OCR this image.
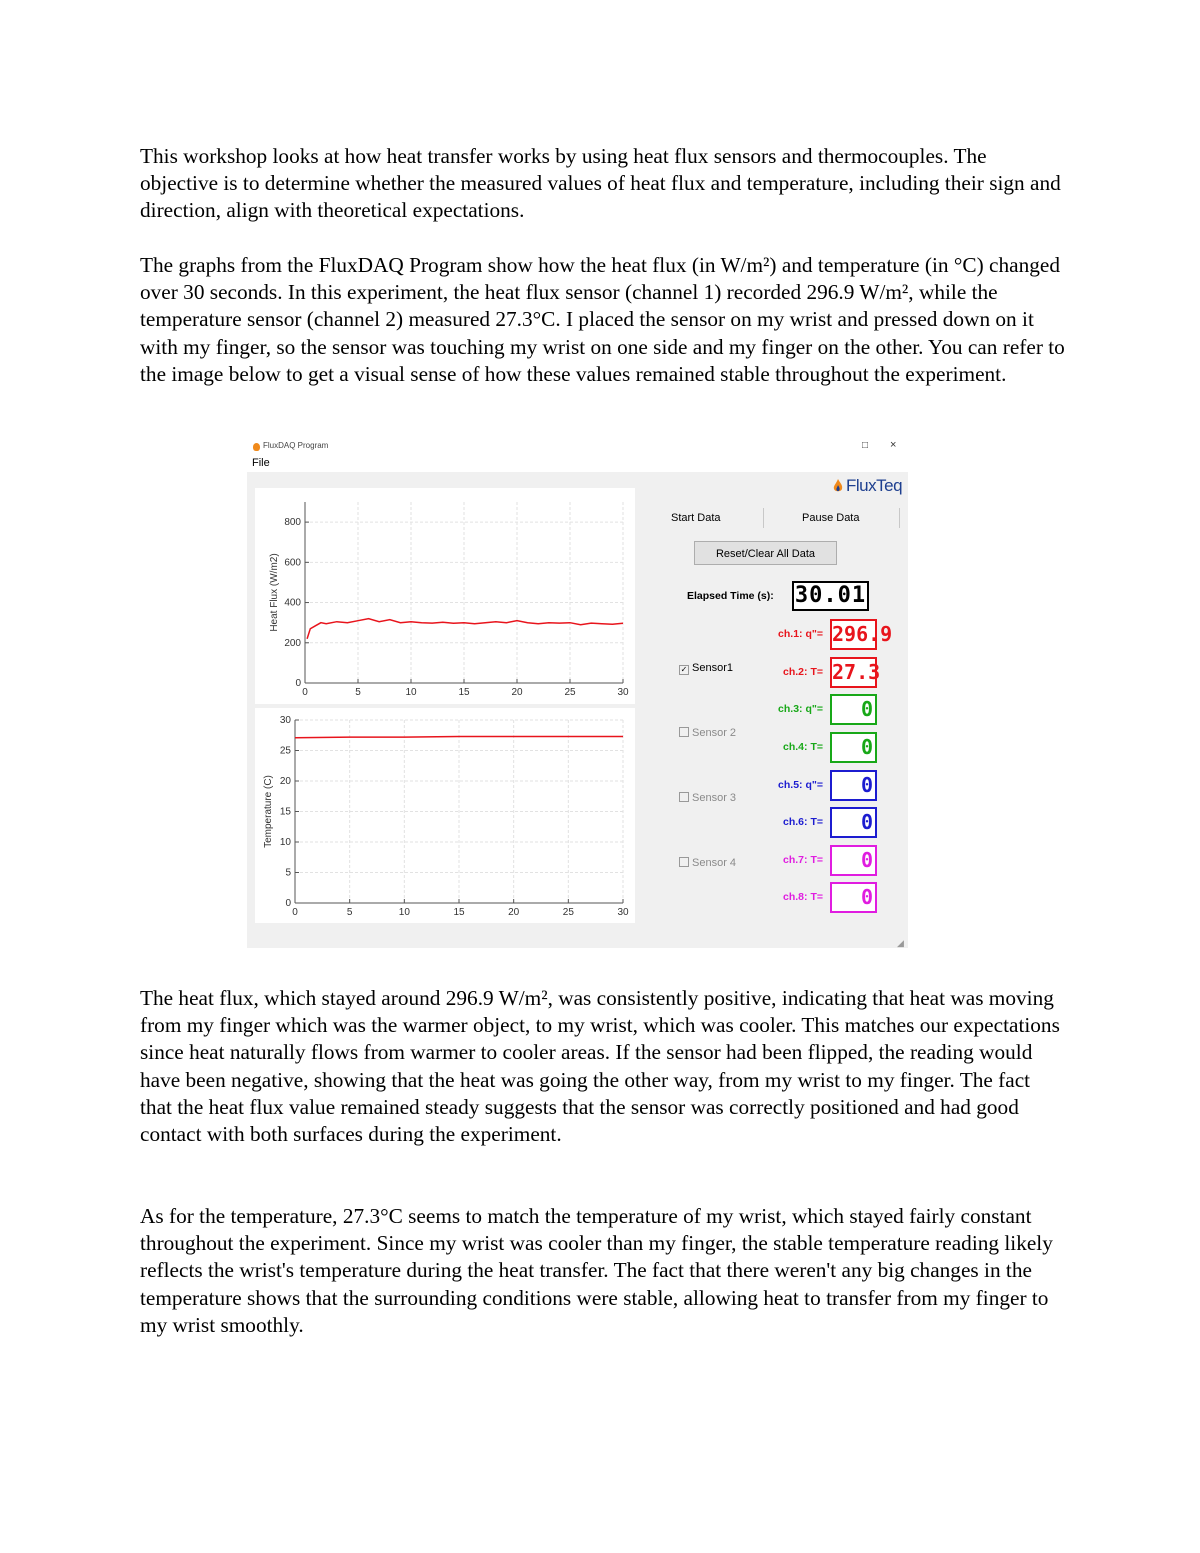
This workshop looks at how heat transfer works by using heat flux sensors and thermocouples. The objective is to determine whether the measured values of heat flux and temperature, including their sign and direction, align with theoretical expectations.

The graphs from the FluxDAQ Program show how the heat flux (in W/m²) and temperature (in °C) changed over 30 seconds. In this experiment, the heat flux sensor (channel 1) recorded 296.9 W/m², while the temperature sensor (channel 2) measured 27.3°C. I placed the sensor on my wrist and pressed down on it with my finger, so the sensor was touching my wrist on one side and my finger on the other. You can refer to the image below to get a visual sense of how these values remained stable throughout the experiment.

FluxDAQ Program	□ ×
File
FluxTeq
0	5	10	15	20	25	30
0
200
400
600
800
Heat Flux (W/m2)
0	5	10	15	20	25	30
0
5
10
15
20
25
30
Temperature (C)
Start Data	Pause Data
Reset/Clear All Data
Elapsed Time (s): 30.01
✓ Sensor1
Sensor 2
Sensor 3
Sensor 4
ch.1: q"= 296.9
ch.2: T= 27.3
ch.3: q"=	0
ch.4: T=	0
ch.5: q"=	0
ch.6: T=	0
ch.7: T=	0
ch.8: T=	0
◢

The heat flux, which stayed around 296.9 W/m², was consistently positive, indicating that heat was moving from my finger which was the warmer object, to my wrist, which was cooler. This matches our expectations since heat naturally flows from warmer to cooler areas. If the sensor had been flipped, the reading would have been negative, showing that the heat was going the other way, from my wrist to my finger. The fact that the heat flux value remained steady suggests that the sensor was correctly positioned and had good contact with both surfaces during the experiment.

As for the temperature, 27.3°C seems to match the temperature of my wrist, which stayed fairly constant throughout the experiment. Since my wrist was cooler than my finger, the stable temperature reading likely reflects the wrist's temperature during the heat transfer. The fact that there weren't any big changes in the temperature shows that the surrounding conditions were stable, allowing heat to transfer from my finger to my wrist smoothly.
